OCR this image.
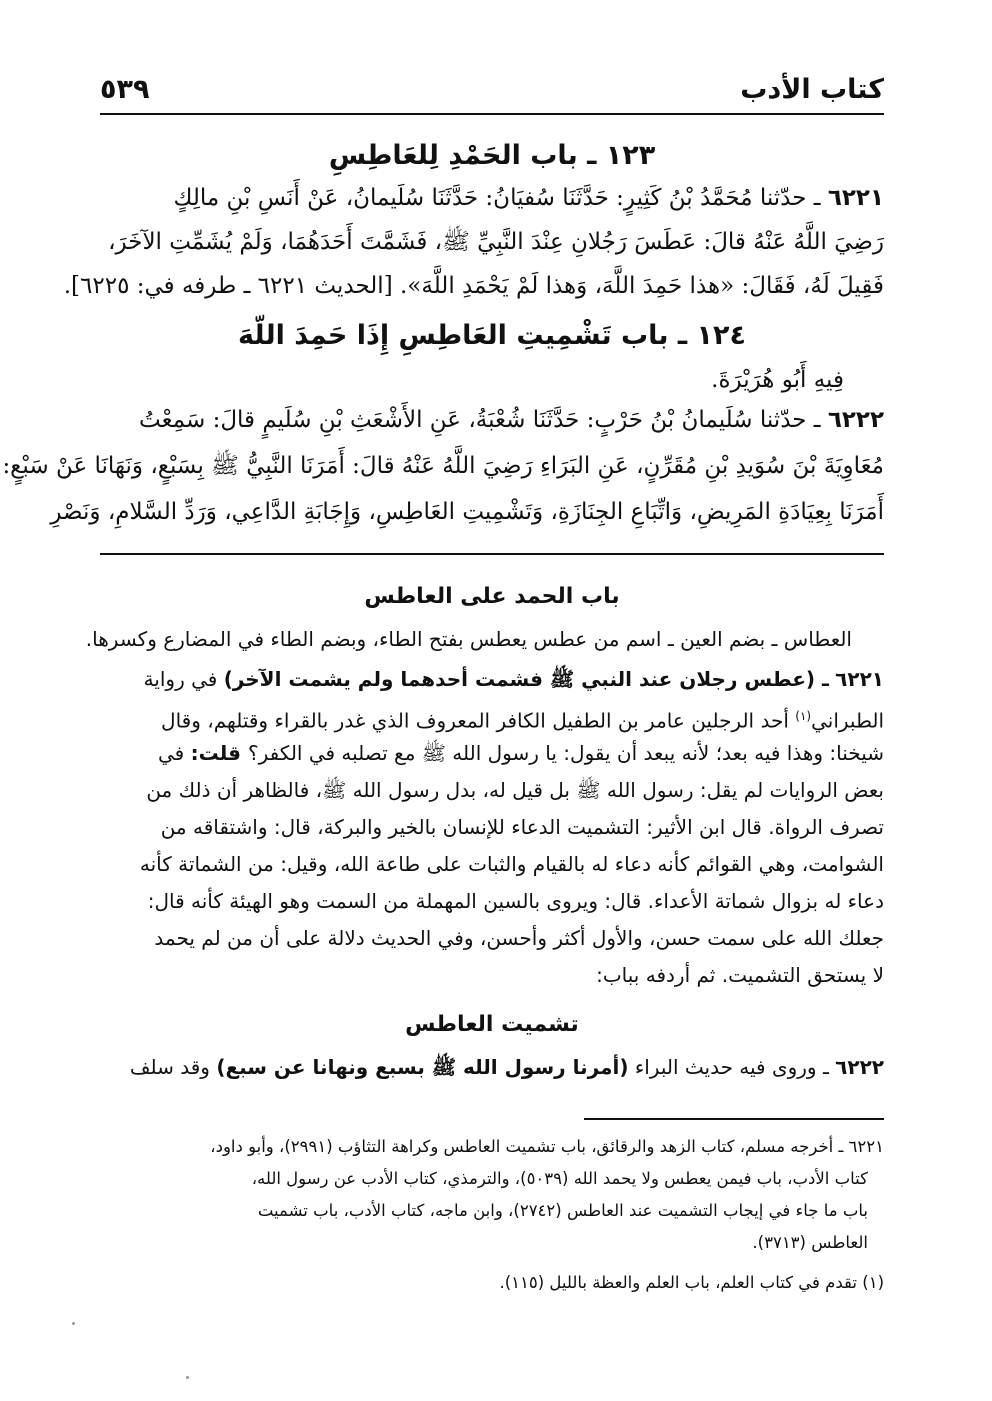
كتاب الأدب
٥٣٩
١٢٣ ـ باب الحَمْدِ لِلعَاطِسِ
٦٢٢١ ـ حدّثنا مُحَمَّدُ بْنُ كَثِيرٍ: حَدَّثَنَا سُفيَانُ: حَدَّثَنَا سُلَيمانُ، عَنْ أَنَسِ بْنِ مالِكٍ
رَضِيَ اللَّهُ عَنْهُ قالَ: عَطَسَ رَجُلانِ عِنْدَ النَّبِيِّ ﷺ، فَشَمَّتَ أَحَدَهُمَا، وَلَمْ يُشَمِّتِ الآخَرَ،
فَقِيلَ لَهُ، فَقَالَ: «هذا حَمِدَ اللَّهَ، وَهذا لَمْ يَحْمَدِ اللَّهَ». [الحديث ٦٢٢١ ـ طرفه في: ٦٢٢٥].
١٢٤ ـ باب تَشْمِيتِ العَاطِسِ إِذَا حَمِدَ اللّهَ
فِيهِ أَبُو هُرَيْرَةَ.
٦٢٢٢ ـ حدّثنا سُلَيمانُ بْنُ حَرْبٍ: حَدَّثَنَا شُعْبَةُ، عَنِ الأَشْعَثِ بْنِ سُلَيمٍ قالَ: سَمِعْتُ
مُعَاوِيَةَ بْنَ سُوَيدِ بْنِ مُقَرِّنٍ، عَنِ البَرَاءِ رَضِيَ اللَّهُ عَنْهُ قالَ: أَمَرَنَا النَّبِيُّ ﷺ بِسَبْعٍ، وَنَهَانَا عَنْ سَبْعٍ:
أَمَرَنَا بِعِيَادَةِ المَرِيضِ، وَاتِّبَاعِ الجِنَازَةِ، وَتَشْمِيتِ العَاطِسِ، وَإِجَابَةِ الدَّاعِي، وَرَدِّ السَّلامِ، وَنَصْرِ
باب الحمد على العاطس
العطاس ـ بضم العين ـ اسم من عطس يعطس بفتح الطاء، وبضم الطاء في المضارع وكسرها.
٦٢٢١ ـ (عطس رجلان عند النبي ﷺ فشمت أحدهما ولم يشمت الآخر) في رواية
الطبراني$^{(١)}$ أحد الرجلين عامر بن الطفيل الكافر المعروف الذي غدر بالقراء وقتلهم، وقال
شيخنا: وهذا فيه بعد؛ لأنه يبعد أن يقول: يا رسول الله ﷺ مع تصلبه في الكفر؟ قلت: في
بعض الروايات لم يقل: رسول الله ﷺ بل قيل له، بدل رسول الله ﷺ، فالظاهر أن ذلك من
تصرف الرواة. قال ابن الأثير: التشميت الدعاء للإنسان بالخير والبركة، قال: واشتقاقه من
الشوامت، وهي القوائم كأنه دعاء له بالقيام والثبات على طاعة الله، وقيل: من الشماتة كأنه
دعاء له بزوال شماتة الأعداء. قال: ويروى بالسين المهملة من السمت وهو الهيئة كأنه قال:
جعلك الله على سمت حسن، والأول أكثر وأحسن، وفي الحديث دلالة على أن من لم يحمد
لا يستحق التشميت. ثم أردفه بباب:
تشميت العاطس
٦٢٢٢ ـ وروى فيه حديث البراء (أمرنا رسول الله ﷺ بسبع ونهانا عن سبع) وقد سلف
٦٢٢١ ـ أخرجه مسلم، كتاب الزهد والرقائق، باب تشميت العاطس وكراهة التثاؤب (٢٩٩١)، وأبو داود،
كتاب الأدب، باب فيمن يعطس ولا يحمد الله (٥٠٣٩)، والترمذي، كتاب الأدب عن رسول الله،
باب ما جاء في إيجاب التشميت عند العاطس (٢٧٤٢)، وابن ماجه، كتاب الأدب، باب تشميت
العاطس (٣٧١٣).
(١) تقدم في كتاب العلم، باب العلم والعظة بالليل (١١٥).
